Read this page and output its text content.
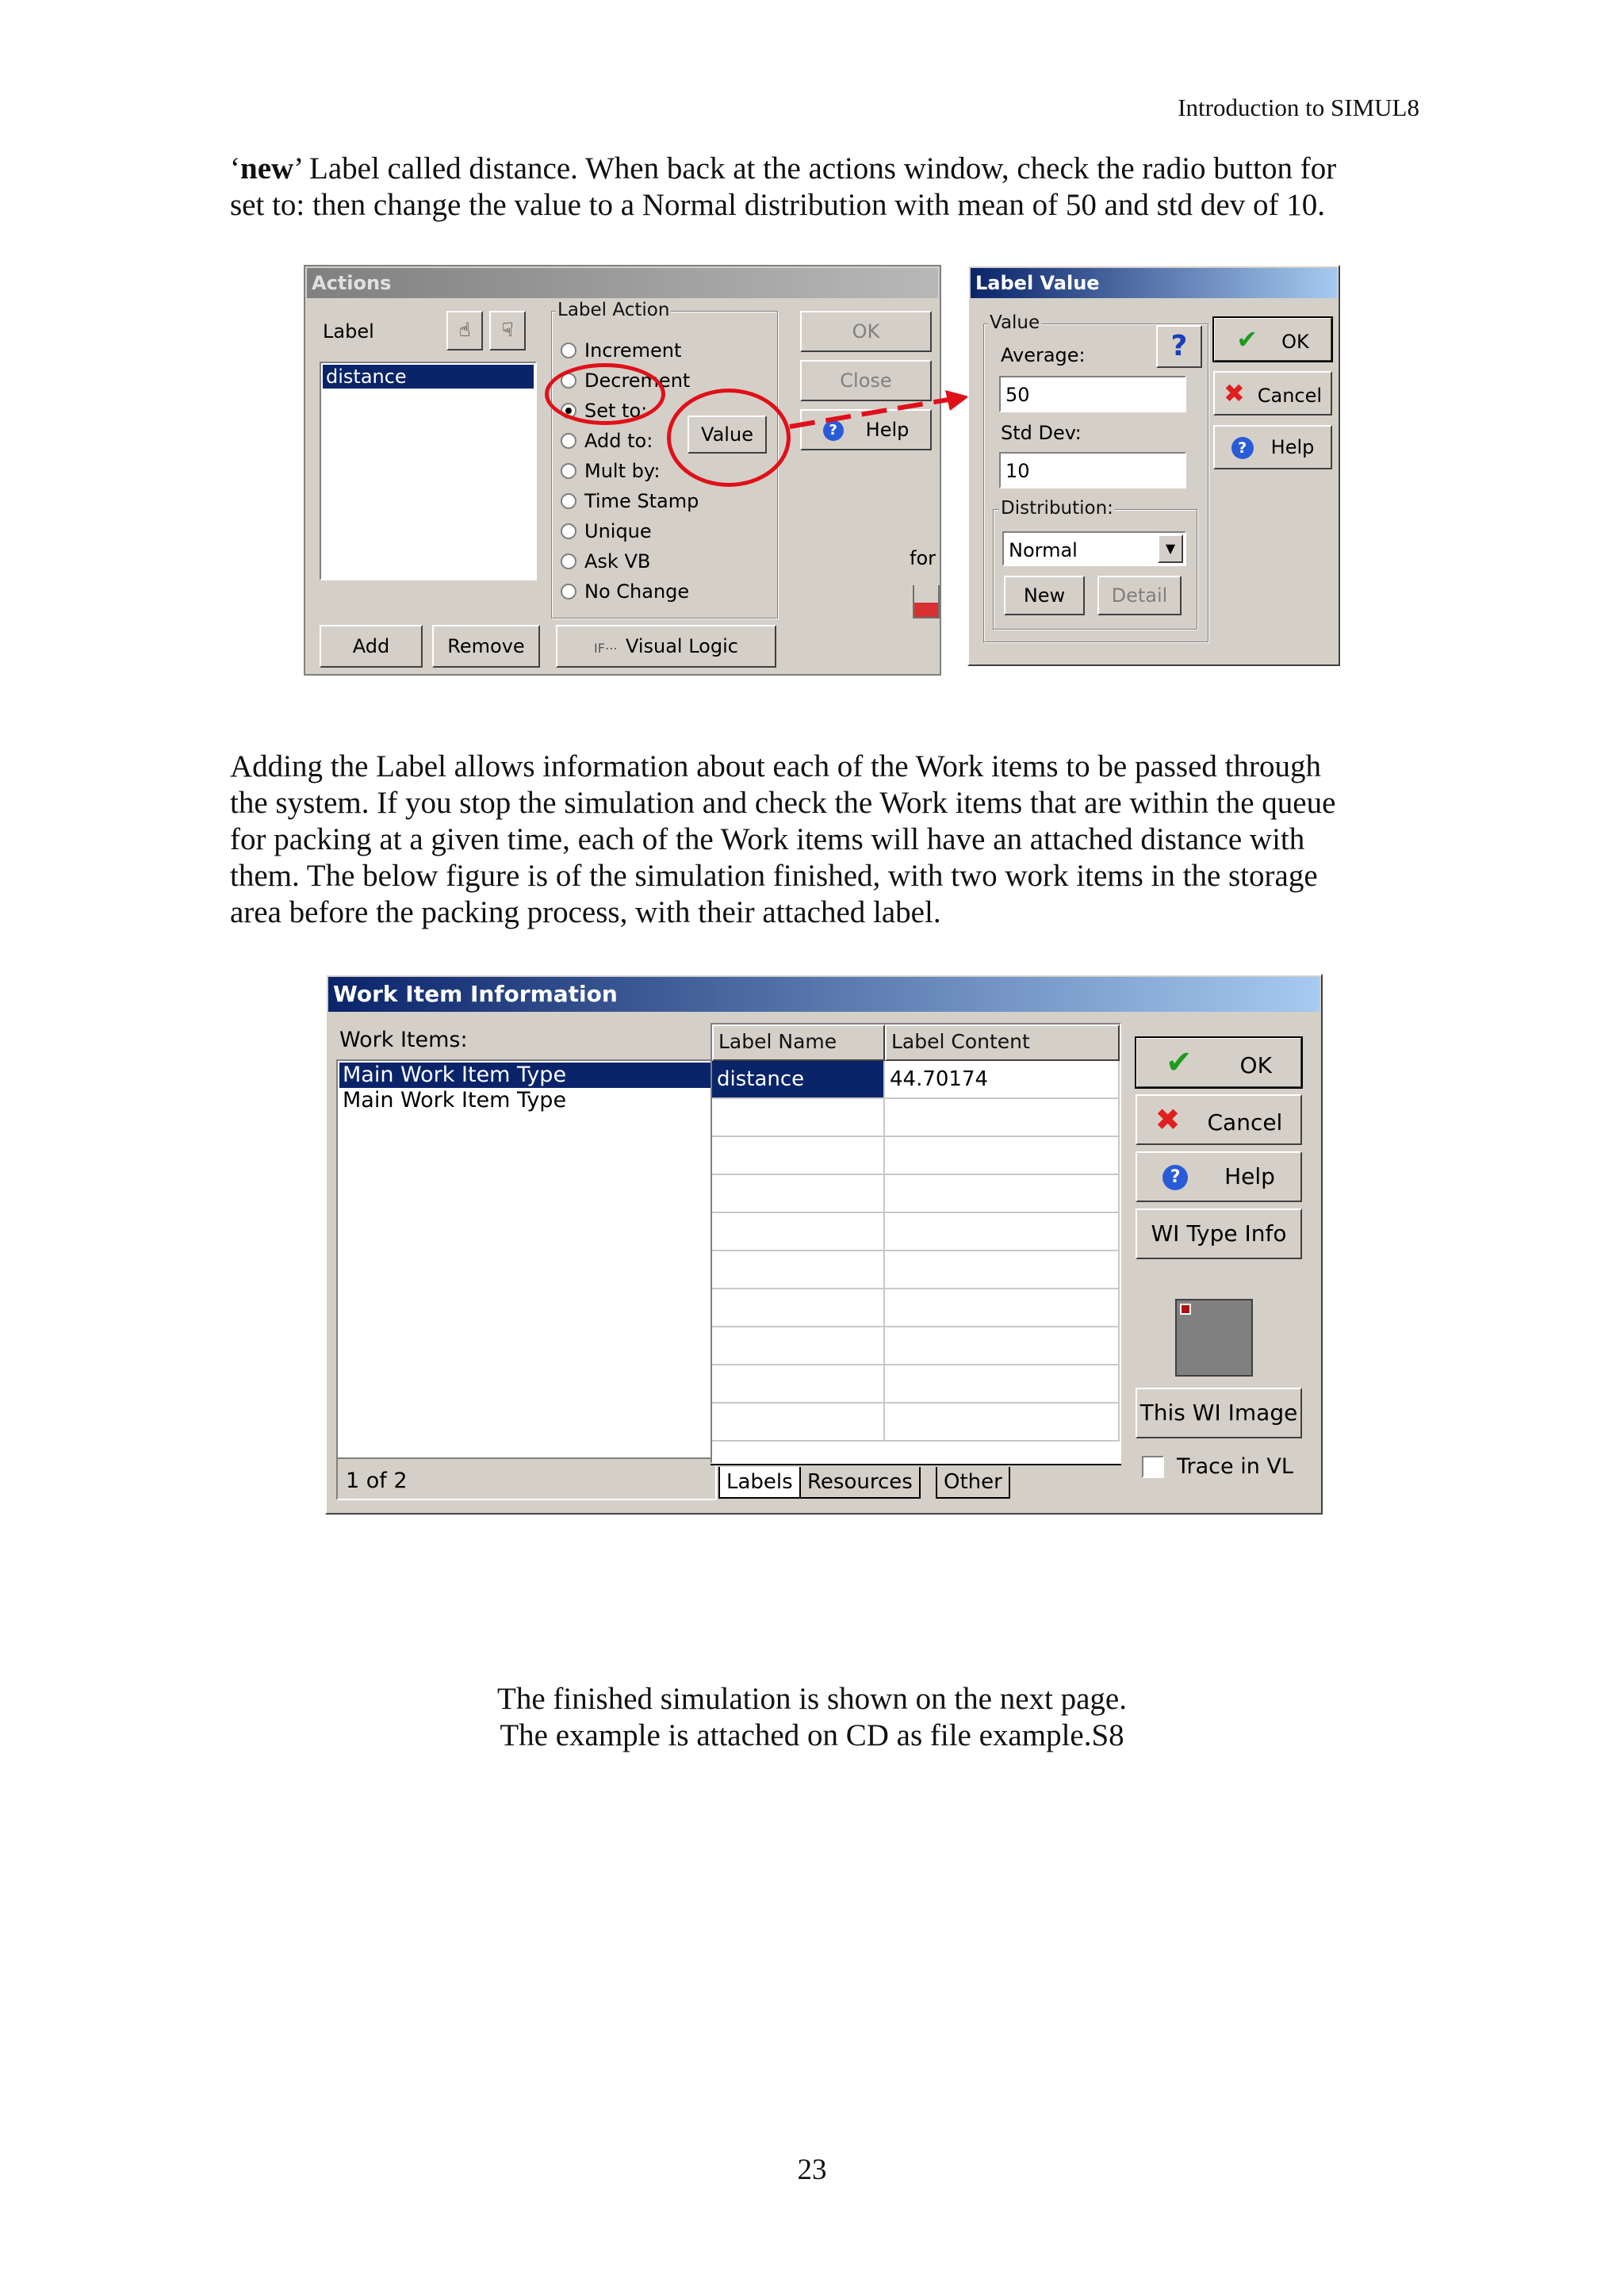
Introduction to SIMUL8
‘new’ Label called distance. When back at the actions window, check the radio button for
set to: then change the value to a Normal distribution with mean of 50 and std dev of 10.
Actions
Label	☝	☟
distance
Label Action
Increment
Decrement
Set to:
Add to:
Mult by:
Time Stamp
Unique
Ask VB
No Change
Value
OK
Close
? Help
for
Add	Remove	IF⋯ Visual Logic
Label Value
Value
Average:	?
50
Std Dev:
10
Distribution:
Normal	▼
New	Detail
✔ OK
✖ Cancel
? Help
Adding the Label allows information about each of the Work items to be passed through
the system. If you stop the simulation and check the Work items that are within the queue
for packing at a given time, each of the Work items will have an attached distance with
them. The below figure is of the simulation finished, with two work items in the storage
area before the packing process, with their attached label.
Work Item Information
Work Items:
Main Work Item Type
Main Work Item Type
1 of 2
Label Name	Label Content
distance	44.70174
Labels Resources	Other
✔ OK
✖ Cancel
? Help
WI Type Info
This WI Image
Trace in VL
The finished simulation is shown on the next page.
The example is attached on CD as file example.S8
23
